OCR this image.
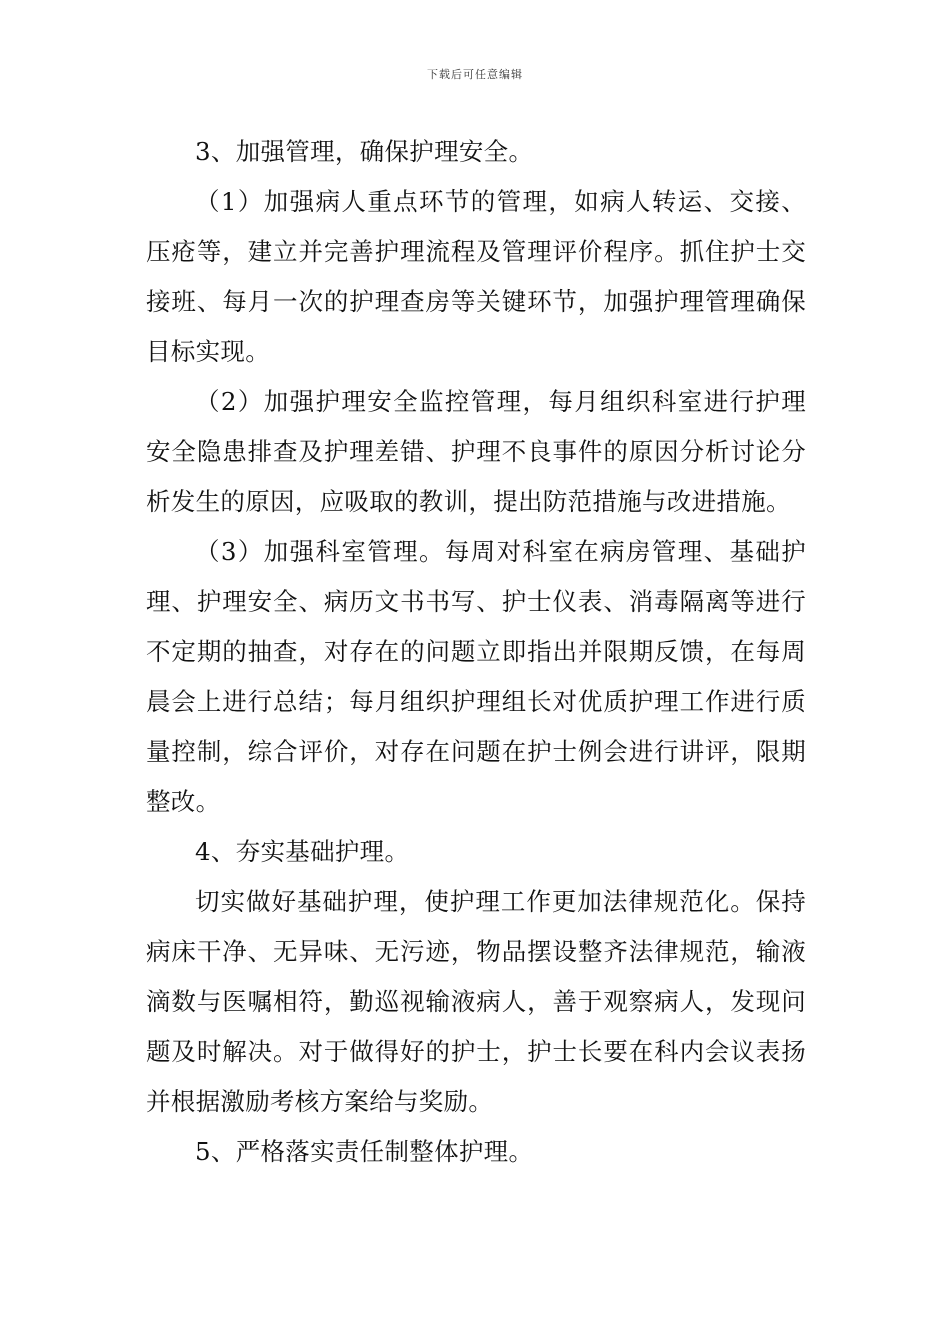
下载后可任意编辑

3、加强管理，确保护理安全。

（1）加强病人重点环节的管理，如病人转运、交接、压疮等，建立并完善护理流程及管理评价程序。抓住护士交接班、每月一次的护理查房等关键环节，加强护理管理确保目标实现。

（2）加强护理安全监控管理，每月组织科室进行护理安全隐患排查及护理差错、护理不良事件的原因分析讨论分析发生的原因，应吸取的教训，提出防范措施与改进措施。

（3）加强科室管理。每周对科室在病房管理、基础护理、护理安全、病历文书书写、护士仪表、消毒隔离等进行不定期的抽查，对存在的问题立即指出并限期反馈，在每周晨会上进行总结；每月组织护理组长对优质护理工作进行质量控制，综合评价，对存在问题在护士例会进行讲评，限期整改。

4、夯实基础护理。

切实做好基础护理，使护理工作更加法律规范化。保持病床干净、无异味、无污迹，物品摆设整齐法律规范，输液滴数与医嘱相符，勤巡视输液病人，善于观察病人，发现问题及时解决。对于做得好的护士，护士长要在科内会议表扬并根据激励考核方案给与奖励。

5、严格落实责任制整体护理。
